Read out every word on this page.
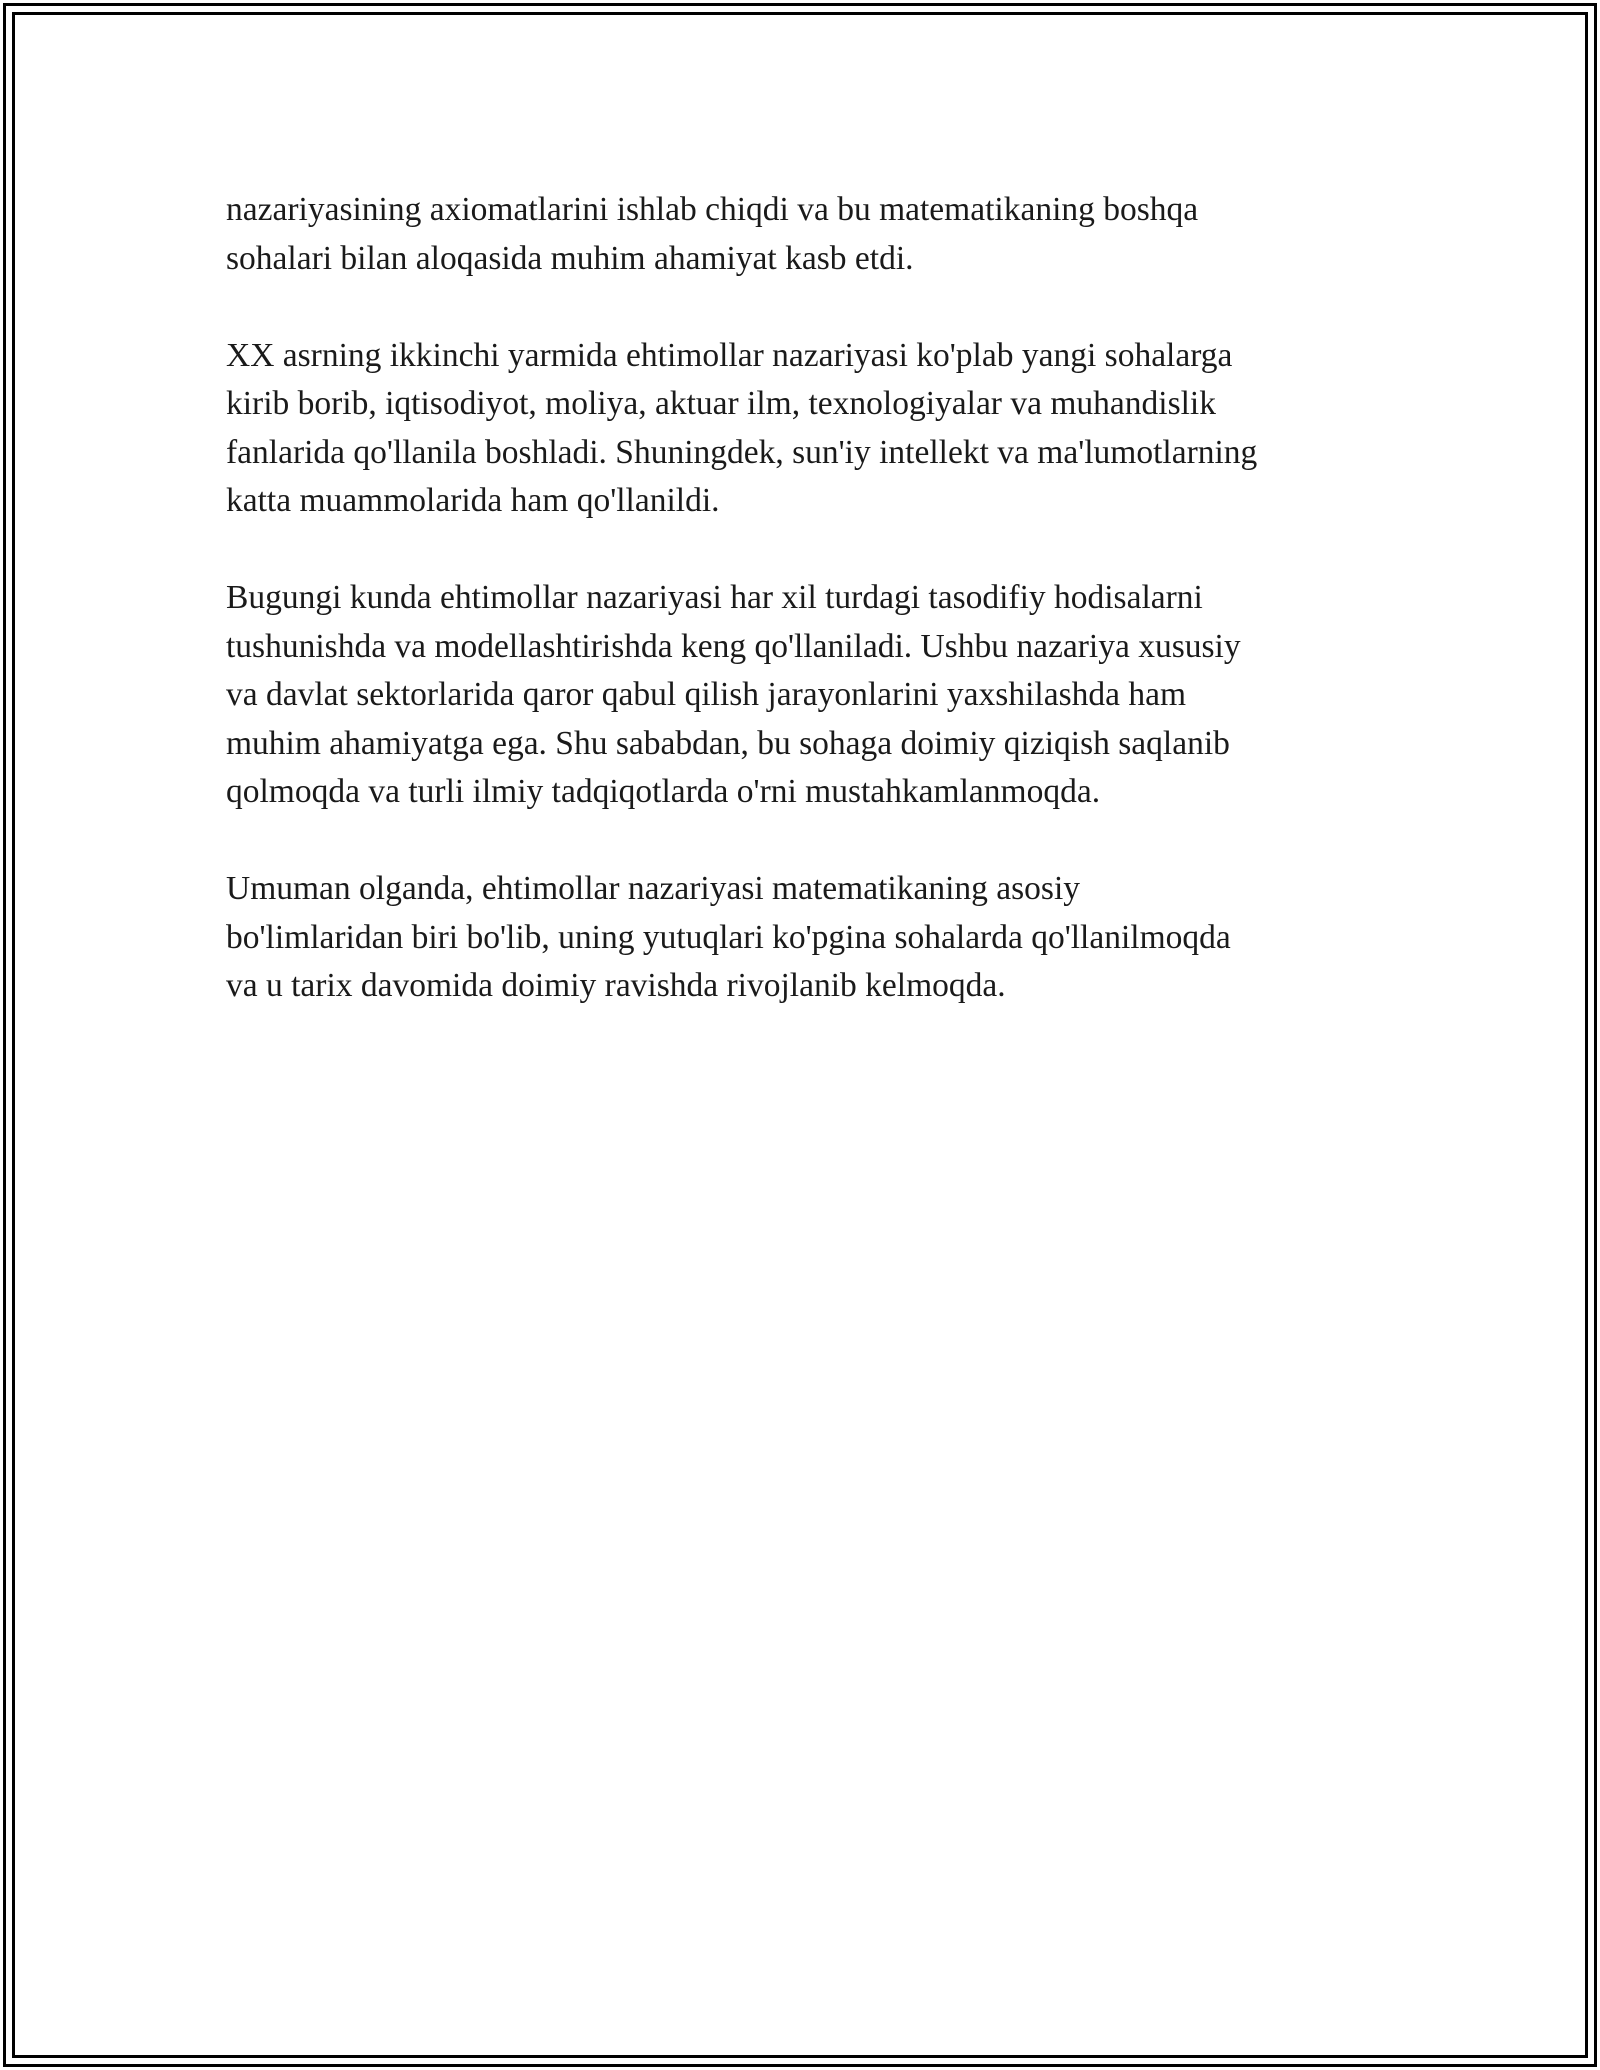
nazariyasining axiomatlarini ishlab chiqdi va bu matematikaning boshqa
sohalari bilan aloqasida muhim ahamiyat kasb etdi.

XX asrning ikkinchi yarmida ehtimollar nazariyasi ko'plab yangi sohalarga
kirib borib, iqtisodiyot, moliya, aktuar ilm, texnologiyalar va muhandislik
fanlarida qo'llanila boshladi. Shuningdek, sun'iy intellekt va ma'lumotlarning
katta muammolarida ham qo'llanildi.

Bugungi kunda ehtimollar nazariyasi har xil turdagi tasodifiy hodisalarni
tushunishda va modellashtirishda keng qo'llaniladi. Ushbu nazariya xususiy
va davlat sektorlarida qaror qabul qilish jarayonlarini yaxshilashda ham
muhim ahamiyatga ega. Shu sababdan, bu sohaga doimiy qiziqish saqlanib
qolmoqda va turli ilmiy tadqiqotlarda o'rni mustahkamlanmoqda.

Umuman olganda, ehtimollar nazariyasi matematikaning asosiy
bo'limlaridan biri bo'lib, uning yutuqlari ko'pgina sohalarda qo'llanilmoqda
va u tarix davomida doimiy ravishda rivojlanib kelmoqda.
